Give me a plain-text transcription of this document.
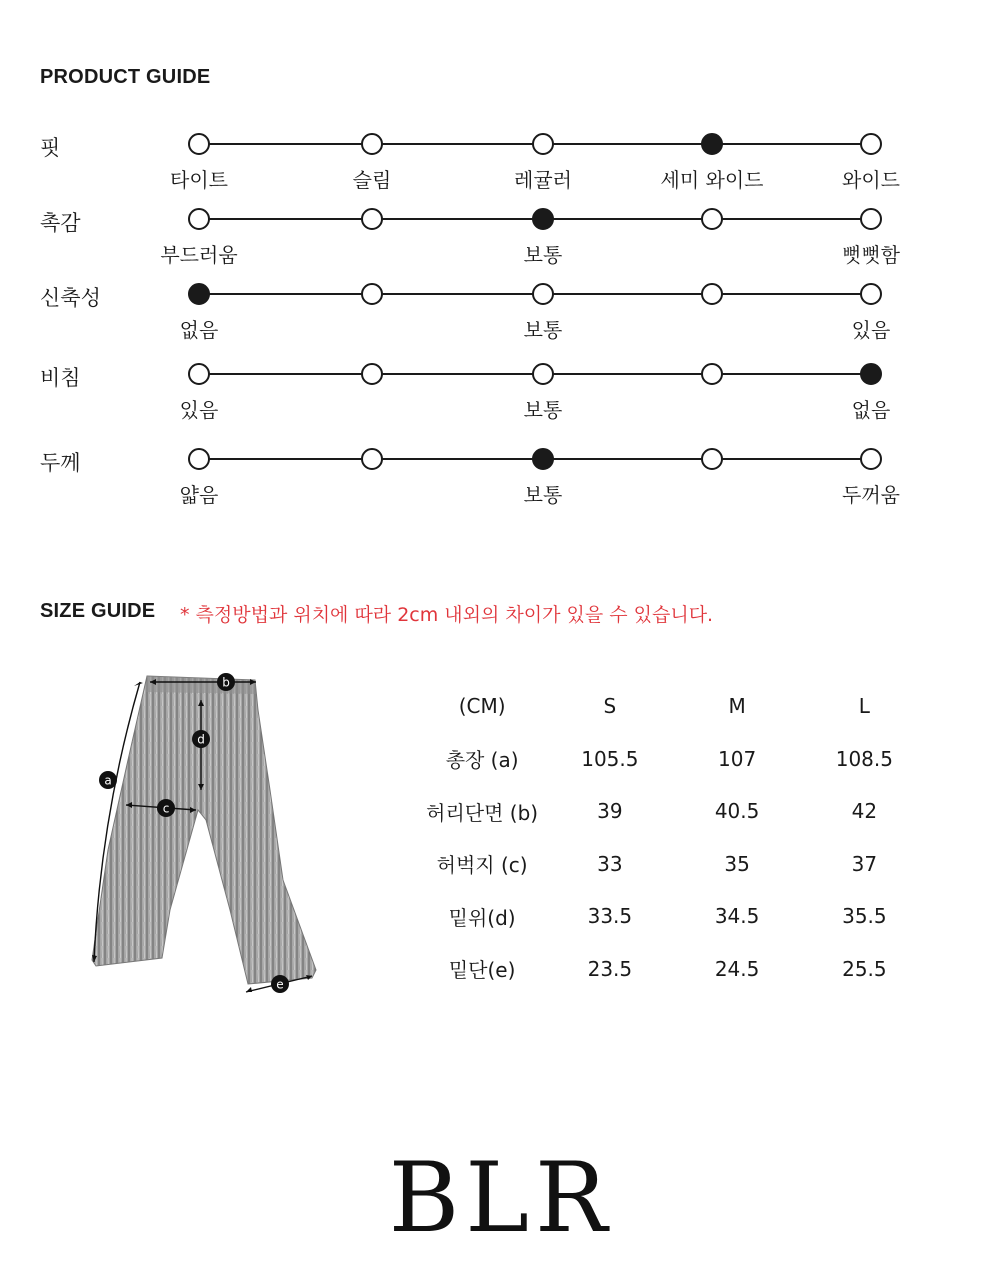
PRODUCT GUIDE
핏
타이트	슬림	레귤러	세미 와이드	와이드
촉감
부드러움	보통	뻣뻣함
신축성
없음	보통	있음
비침
있음	보통	없음
두께
얇음	보통	두꺼움
SIZE GUIDE * 측정방법과 위치에 따라 2cm 내외의 차이가 있을 수 있습니다.
a
b
c
d
e
(CM)	S	M	L
총장 (a)	105.5	107	108.5
허리단면 (b)	39	40.5	42
허벅지 (c)	33	35	37
밑위(d)	33.5	34.5	35.5
밑단(e)	23.5	24.5	25.5
BLR
